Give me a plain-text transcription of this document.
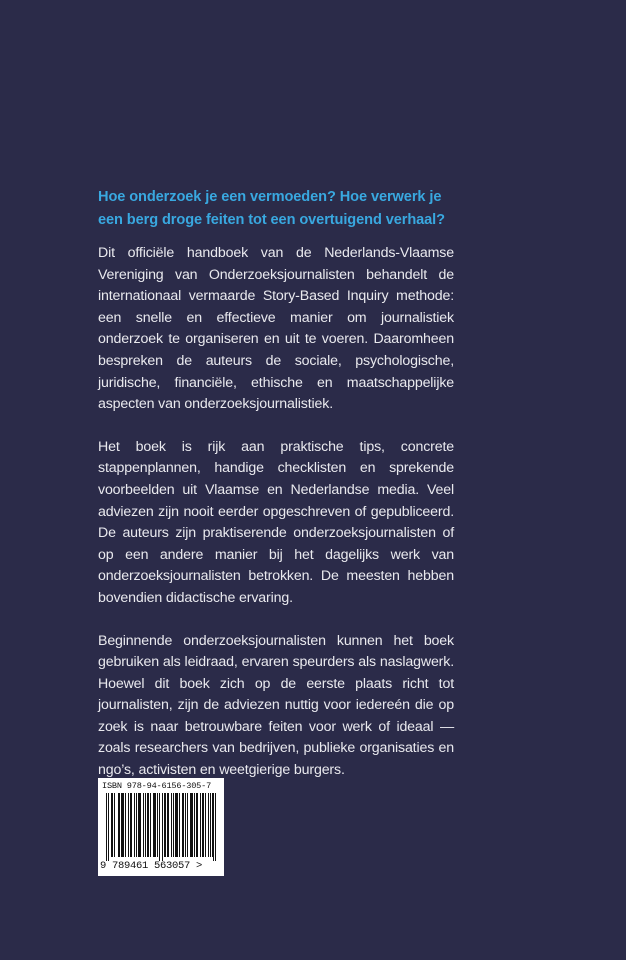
Hoe onderzoek je een vermoeden? Hoe verwerk je een berg droge feiten tot een overtuigend verhaal?

Dit officiële handboek van de Nederlands-Vlaamse Vereniging van Onderzoeksjournalisten behandelt de internationaal vermaarde Story-Based Inquiry methode: een snelle en effectieve manier om journalistiek onderzoek te organiseren en uit te voeren. Daaromheen bespreken de auteurs de sociale, psychologische, juridische, financiële, ethische en maatschappelijke aspecten van onderzoeksjournalistiek.

Het boek is rijk aan praktische tips, concrete stappenplannen, handige checklisten en sprekende voorbeelden uit Vlaamse en Nederlandse media. Veel adviezen zijn nooit eerder opgeschreven of gepubliceerd. De auteurs zijn praktiserende onderzoeksjournalisten of op een andere manier bij het dagelijks werk van onderzoeksjournalisten betrokken. De meesten hebben bovendien didactische ervaring.

Beginnende onderzoeksjournalisten kunnen het boek gebruiken als leidraad, ervaren speurders als naslagwerk. Hoewel dit boek zich op de eerste plaats richt tot journalisten, zijn de adviezen nuttig voor iedereén die op zoek is naar betrouwbare feiten voor werk of ideaal — zoals researchers van bedrijven, publieke organisaties en ngo’s, activisten en weetgierige burgers.

ISBN 978-94-6156-305-7
9 789461 563057 >
